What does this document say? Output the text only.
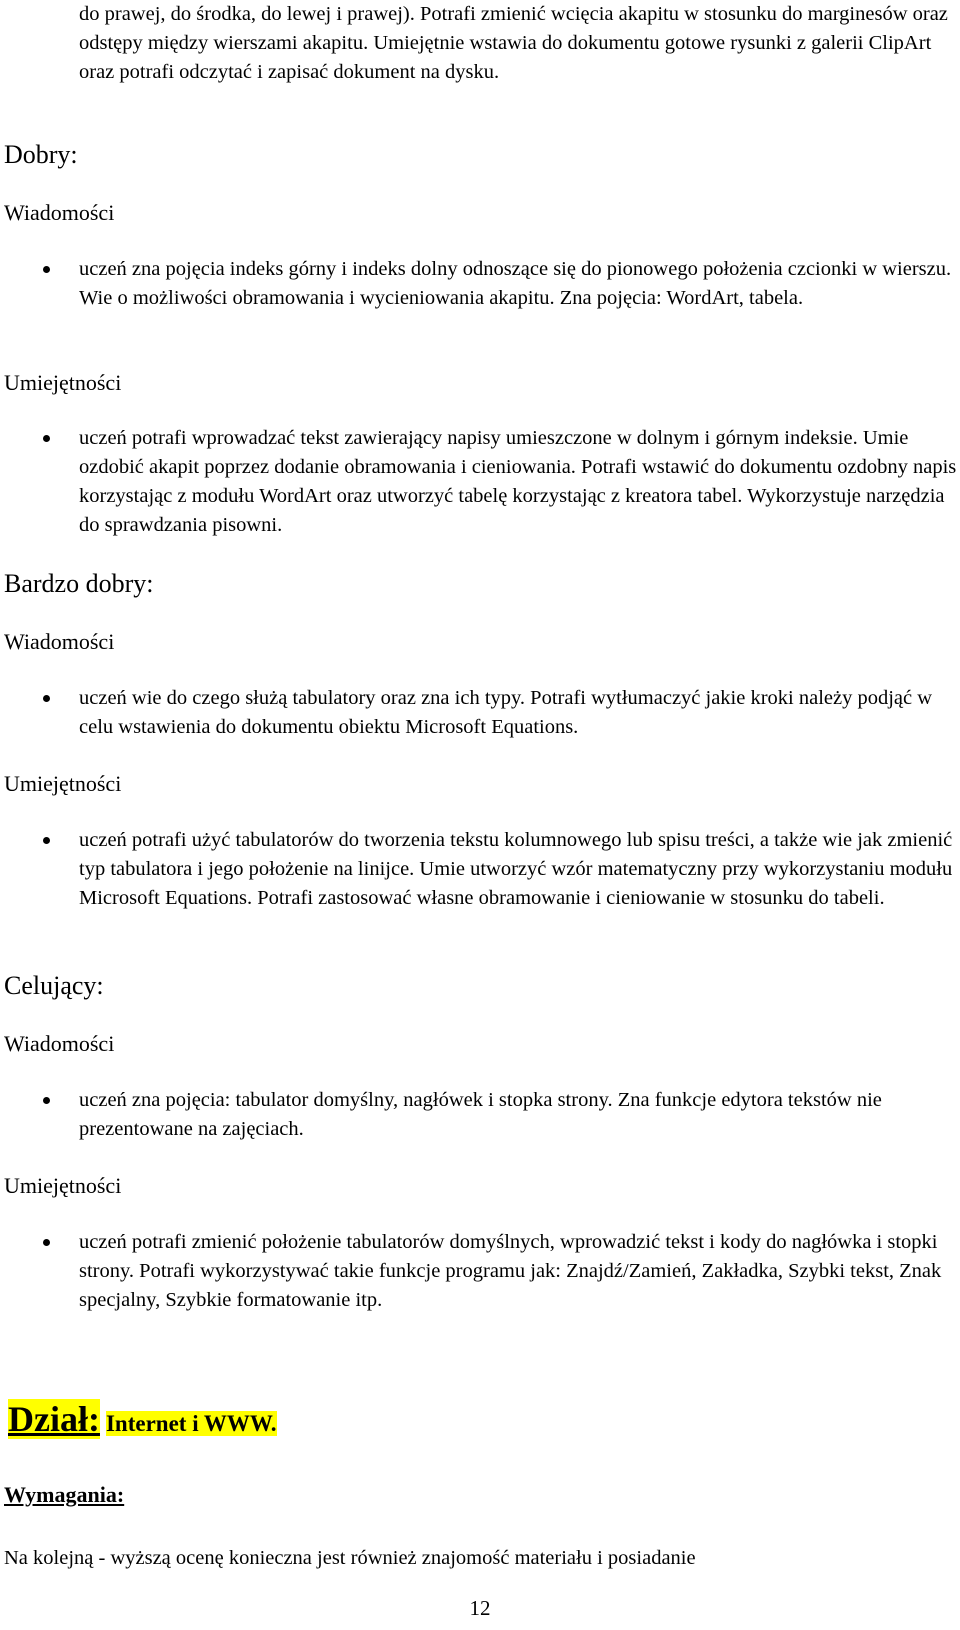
do prawej, do środka, do lewej i prawej). Potrafi zmienić wcięcia akapitu w stosunku do marginesów oraz odstępy między wierszami akapitu. Umiejętnie wstawia do dokumentu gotowe rysunki z galerii ClipArt oraz potrafi odczytać i zapisać dokument na dysku.

Dobry:
Wiadomości
uczeń zna pojęcia indeks górny i indeks dolny odnoszące się do pionowego położenia czcionki w wierszu. Wie o możliwości obramowania i wycieniowania akapitu. Zna pojęcia: WordArt, tabela.
Umiejętności
uczeń potrafi wprowadzać tekst zawierający napisy umieszczone w dolnym i górnym indeksie. Umie ozdobić akapit poprzez dodanie obramowania i cieniowania. Potrafi wstawić do dokumentu ozdobny napis korzystając z modułu WordArt oraz utworzyć tabelę korzystając z kreatora tabel. Wykorzystuje narzędzia do sprawdzania pisowni.
Bardzo dobry:
Wiadomości
uczeń wie do czego służą tabulatory oraz zna ich typy. Potrafi wytłumaczyć jakie kroki należy podjąć w celu wstawienia do dokumentu obiektu Microsoft Equations.
Umiejętności
uczeń potrafi użyć tabulatorów do tworzenia tekstu kolumnowego lub spisu treści, a także wie jak zmienić typ tabulatora i jego położenie na linijce. Umie utworzyć wzór matematyczny przy wykorzystaniu modułu Microsoft Equations. Potrafi zastosować własne obramowanie i cieniowanie w stosunku do tabeli.
Celujący:
Wiadomości
uczeń zna pojęcia: tabulator domyślny, nagłówek i stopka strony. Zna funkcje edytora tekstów nie prezentowane na zajęciach.
Umiejętności
uczeń potrafi zmienić położenie tabulatorów domyślnych, wprowadzić tekst i kody do nagłówka i stopki strony. Potrafi wykorzystywać takie funkcje programu jak: Znajdź/Zamień, Zakładka, Szybki tekst, Znak specjalny, Szybkie formatowanie itp.
Dział: Internet i WWW.

Wymagania:

Na kolejną - wyższą ocenę konieczna jest również znajomość materiału i posiadanie

12
